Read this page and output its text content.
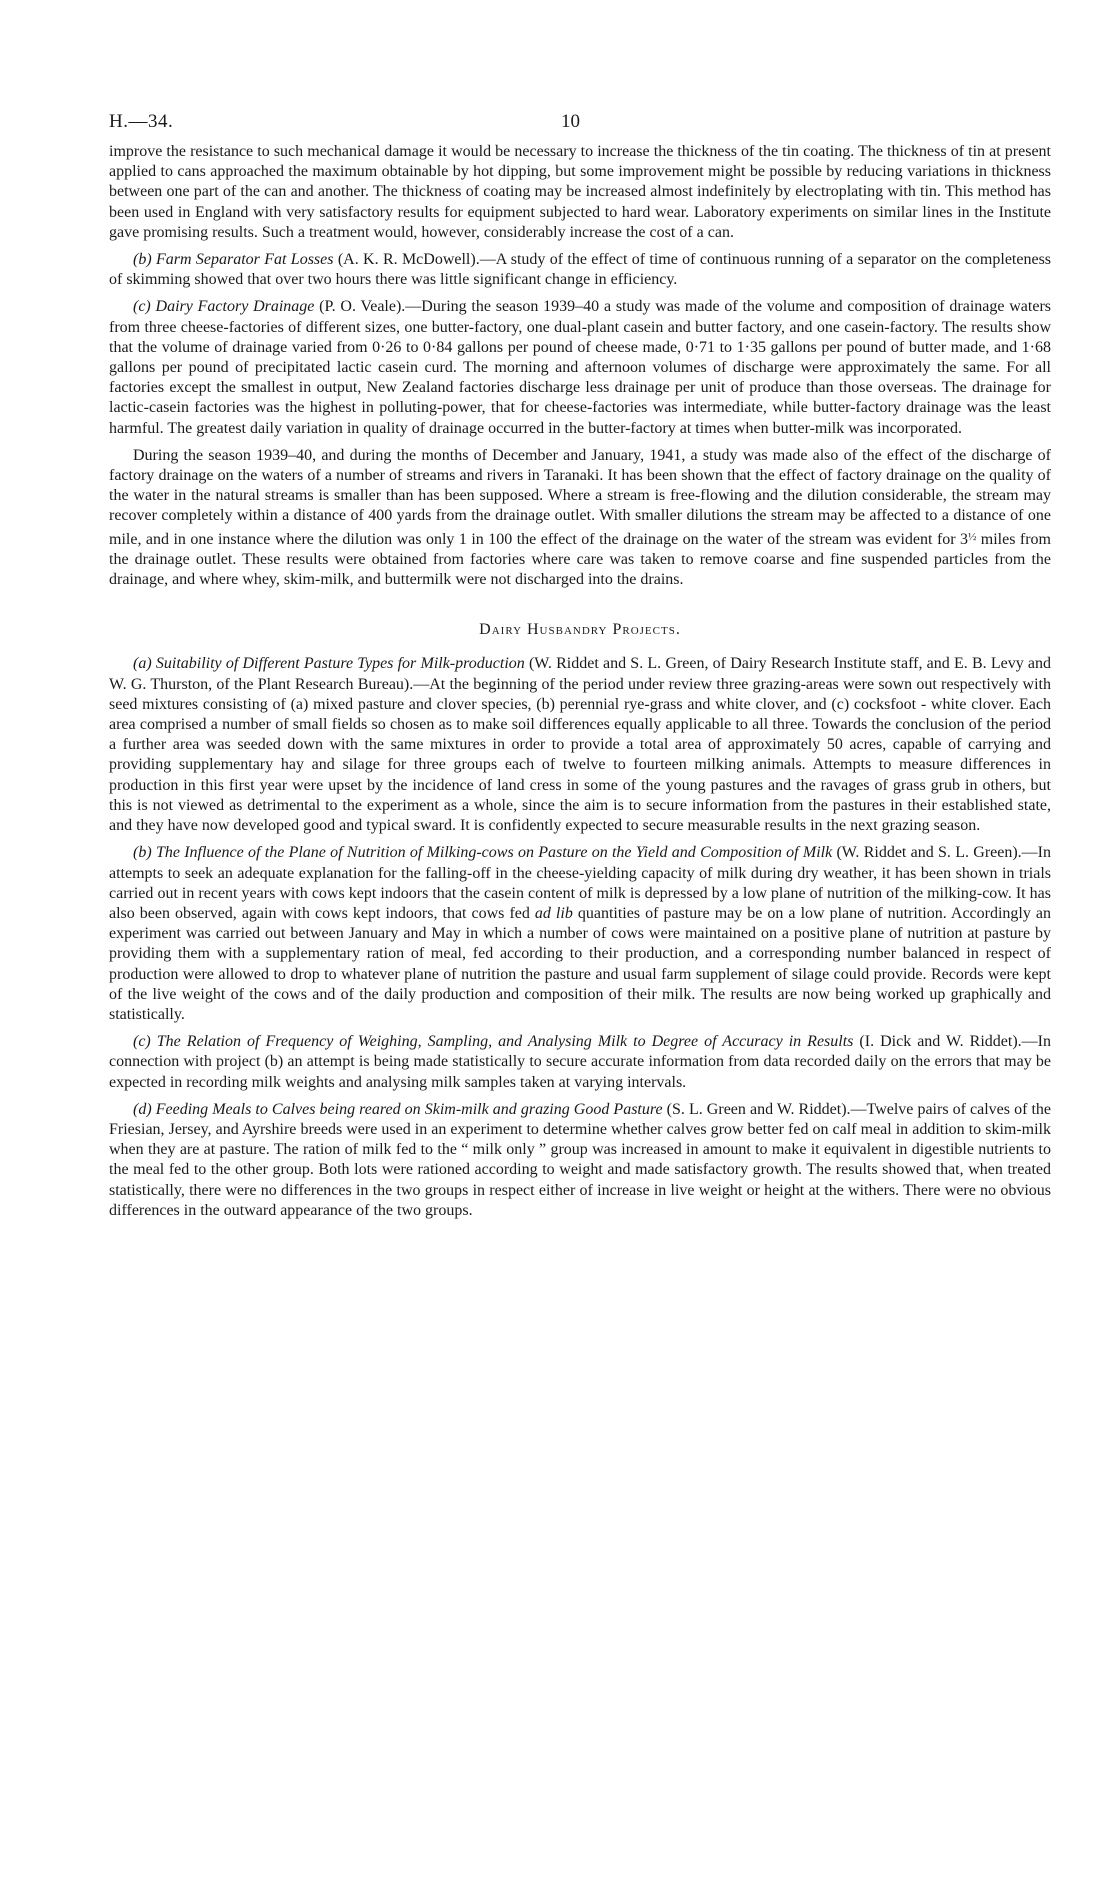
H.—34.	10

improve the resistance to such mechanical damage it would be necessary to increase the thickness of the tin coating. The thickness of tin at present applied to cans approached the maximum obtainable by hot dipping, but some improvement might be possible by reducing variations in thickness between one part of the can and another. The thickness of coating may be increased almost indefinitely by electroplating with tin. This method has been used in England with very satisfactory results for equipment subjected to hard wear. Laboratory experiments on similar lines in the Institute gave promising results. Such a treatment would, however, considerably increase the cost of a can.

(b) Farm Separator Fat Losses (A. K. R. McDowell).—A study of the effect of time of continuous running of a separator on the completeness of skimming showed that over two hours there was little significant change in efficiency.

(c) Dairy Factory Drainage (P. O. Veale).—During the season 1939–40 a study was made of the volume and composition of drainage waters from three cheese-factories of different sizes, one butter-factory, one dual-plant casein and butter factory, and one casein-factory. The results show that the volume of drainage varied from 0·26 to 0·84 gallons per pound of cheese made, 0·71 to 1·35 gallons per pound of butter made, and 1·68 gallons per pound of precipitated lactic casein curd. The morning and afternoon volumes of discharge were approximately the same. For all factories except the smallest in output, New Zealand factories discharge less drainage per unit of produce than those overseas. The drainage for lactic-casein factories was the highest in polluting-power, that for cheese-factories was intermediate, while butter-factory drainage was the least harmful. The greatest daily variation in quality of drainage occurred in the butter-factory at times when butter-milk was incorporated.

During the season 1939–40, and during the months of December and January, 1941, a study was made also of the effect of the discharge of factory drainage on the waters of a number of streams and rivers in Taranaki. It has been shown that the effect of factory drainage on the quality of the water in the natural streams is smaller than has been supposed. Where a stream is free-flowing and the dilution considerable, the stream may recover completely within a distance of 400 yards from the drainage outlet. With smaller dilutions the stream may be affected to a distance of one mile, and in one instance where the dilution was only 1 in 100 the effect of the drainage on the water of the stream was evident for $3^{\frac{1}{2}}$ miles from the drainage outlet. These results were obtained from factories where care was taken to remove coarse and fine suspended particles from the drainage, and where whey, skim-milk, and buttermilk were not discharged into the drains.

Dairy Husbandry Projects.

(a) Suitability of Different Pasture Types for Milk-production (W. Riddet and S. L. Green, of Dairy Research Institute staff, and E. B. Levy and W. G. Thurston, of the Plant Research Bureau).—At the beginning of the period under review three grazing-areas were sown out respectively with seed mixtures consisting of (a) mixed pasture and clover species, (b) perennial rye-grass and white clover, and (c) cocksfoot - white clover. Each area comprised a number of small fields so chosen as to make soil differences equally applicable to all three. Towards the conclusion of the period a further area was seeded down with the same mixtures in order to provide a total area of approximately 50 acres, capable of carrying and providing supplementary hay and silage for three groups each of twelve to fourteen milking animals. Attempts to measure differences in production in this first year were upset by the incidence of land cress in some of the young pastures and the ravages of grass grub in others, but this is not viewed as detrimental to the experiment as a whole, since the aim is to secure information from the pastures in their established state, and they have now developed good and typical sward. It is confidently expected to secure measurable results in the next grazing season.

(b) The Influence of the Plane of Nutrition of Milking-cows on Pasture on the Yield and Composition of Milk (W. Riddet and S. L. Green).—In attempts to seek an adequate explanation for the falling-off in the cheese-yielding capacity of milk during dry weather, it has been shown in trials carried out in recent years with cows kept indoors that the casein content of milk is depressed by a low plane of nutrition of the milking-cow. It has also been observed, again with cows kept indoors, that cows fed ad lib quantities of pasture may be on a low plane of nutrition. Accordingly an experiment was carried out between January and May in which a number of cows were maintained on a positive plane of nutrition at pasture by providing them with a supplementary ration of meal, fed according to their production, and a corresponding number balanced in respect of production were allowed to drop to whatever plane of nutrition the pasture and usual farm supplement of silage could provide. Records were kept of the live weight of the cows and of the daily production and composition of their milk. The results are now being worked up graphically and statistically.

(c) The Relation of Frequency of Weighing, Sampling, and Analysing Milk to Degree of Accuracy in Results (I. Dick and W. Riddet).—In connection with project (b) an attempt is being made statistically to secure accurate information from data recorded daily on the errors that may be expected in recording milk weights and analysing milk samples taken at varying intervals.

(d) Feeding Meals to Calves being reared on Skim-milk and grazing Good Pasture (S. L. Green and W. Riddet).—Twelve pairs of calves of the Friesian, Jersey, and Ayrshire breeds were used in an experiment to determine whether calves grow better fed on calf meal in addition to skim-milk when they are at pasture. The ration of milk fed to the “ milk only ” group was increased in amount to make it equivalent in digestible nutrients to the meal fed to the other group. Both lots were rationed according to weight and made satisfactory growth. The results showed that, when treated statistically, there were no differences in the two groups in respect either of increase in live weight or height at the withers. There were no obvious differences in the outward appearance of the two groups.
